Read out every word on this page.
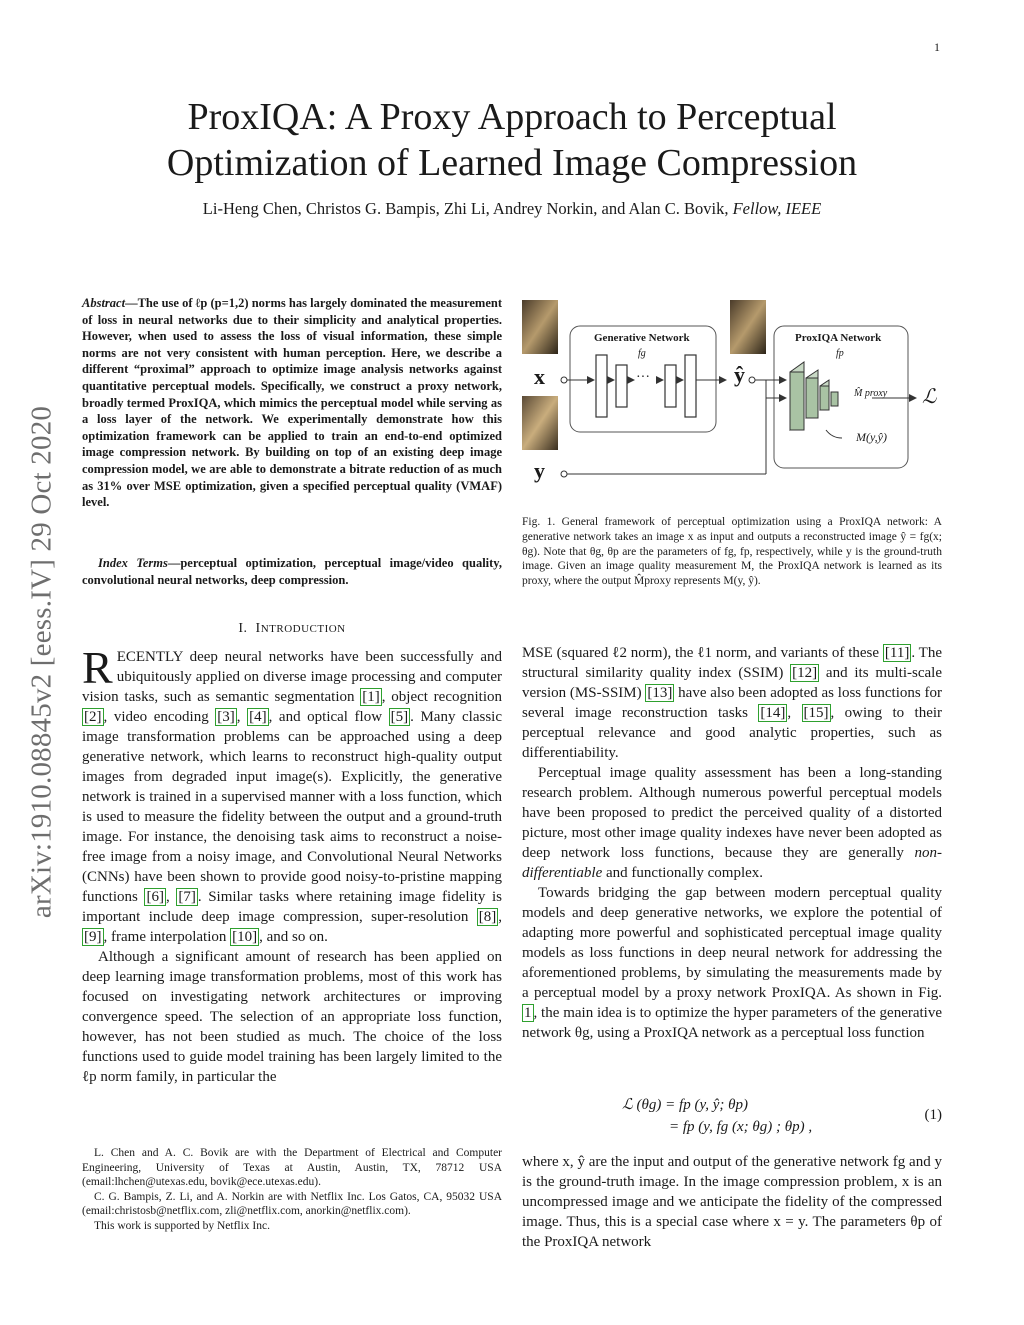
1
arXiv:1910.08845v2 [eess.IV] 29 Oct 2020
ProxIQA: A Proxy Approach to Perceptual
Optimization of Learned Image Compression
Li-Heng Chen, Christos G. Bampis, Zhi Li, Andrey Norkin, and Alan C. Bovik, Fellow, IEEE
Abstract—The use of ℓp (p=1,2) norms has largely dominated the measurement of loss in neural networks due to their simplicity and analytical properties. However, when used to assess the loss of visual information, these simple norms are not very consistent with human perception. Here, we describe a different “proximal” approach to optimize image analysis networks against quantitative perceptual models. Specifically, we construct a proxy network, broadly termed ProxIQA, which mimics the perceptual model while serving as a loss layer of the network. We experimentally demonstrate how this optimization framework can be applied to train an end-to-end optimized image compression network. By building on top of an existing deep image compression model, we are able to demonstrate a bitrate reduction of as much as 31% over MSE optimization, given a specified perceptual quality (VMAF) level.
Index Terms—perceptual optimization, perceptual image/video quality, convolutional neural networks, deep compression.
I. INTRODUCTION

RECENTLY deep neural networks have been successfully and ubiquitously applied on diverse image processing and computer vision tasks, such as semantic segmentation [1] , object recognition [2] , video encoding [3] , [4] , and optical flow [5] . Many classic image transformation problems can be approached using a deep generative network, which learns to reconstruct high-quality output images from degraded input image(s). Explicitly, the generative network is trained in a supervised manner with a loss function, which is used to measure the fidelity between the output and a ground-truth image. For instance, the denoising task aims to reconstruct a noise-free image from a noisy image, and Convolutional Neural Networks (CNNs) have been shown to provide good noisy-to-pristine mapping functions [6] , [7] . Similar tasks where retaining image fidelity is important include deep image compression, super-resolution [8] , [9] , frame interpolation [10] , and so on.

Although a significant amount of research has been applied on deep learning image transformation problems, most of this work has focused on investigating network architectures or improving convergence speed. The selection of an appropriate loss function, however, has not been studied as much. The choice of the loss functions used to guide model training has been largely limited to the ℓp norm family, in particular the

L. Chen and A. C. Bovik are with the Department of Electrical and Computer Engineering, University of Texas at Austin, Austin, TX, 78712 USA (email:lhchen@utexas.edu, bovik@ece.utexas.edu).

C. G. Bampis, Z. Li, and A. Norkin are with Netflix Inc. Los Gatos, CA, 95032 USA (email:christosb@netflix.com, zli@netflix.com, anorkin@netflix.com).

This work is supported by Netflix Inc.

Generative Network
fg
ProxIQA Network
fp
x
y
ŷ
···
M̂ proxy ℒ
M(y,ŷ)
Fig. 1. General framework of perceptual optimization using a ProxIQA network: A generative network takes an image x as input and outputs a reconstructed image ŷ = fg(x; θg). Note that θg, θp are the parameters of fg, fp, respectively, while y is the ground-truth image. Given an image quality measurement M, the ProxIQA network is learned as its proxy, where the output M̂proxy represents M(y, ŷ).

MSE (squared ℓ2 norm), the ℓ1 norm, and variants of these [11] . The structural similarity quality index (SSIM) [12] and its multi-scale version (MS-SSIM) [13] have also been adopted as loss functions for several image reconstruction tasks [14] , [15] , owing to their perceptual relevance and good analytic properties, such as differentiability.

Perceptual image quality assessment has been a long-standing research problem. Although numerous powerful perceptual models have been proposed to predict the perceived quality of a distorted picture, most other image quality indexes have never been adopted as deep network loss functions, because they are generally non-differentiable and functionally complex.

Towards bridging the gap between modern perceptual quality models and deep generative networks, we explore the potential of adapting more powerful and sophisticated perceptual image quality models as loss functions in deep neural network for addressing the aforementioned problems, by simulating the measurements made by a perceptual model by a proxy network ProxIQA. As shown in Fig. 1 , the main idea is to optimize the hyper parameters of the generative network θg, using a ProxIQA network as a perceptual loss function

ℒ (θg) = fp (y, ŷ; θp)
= fp (y, fg (x; θg) ; θp) ,
(1)

where x, ŷ are the input and output of the generative network fg and y is the ground-truth image. In the image compression problem, x is an uncompressed image and we anticipate the fidelity of the compressed image. Thus, this is a special case where x = y. The parameters θp of the ProxIQA network
